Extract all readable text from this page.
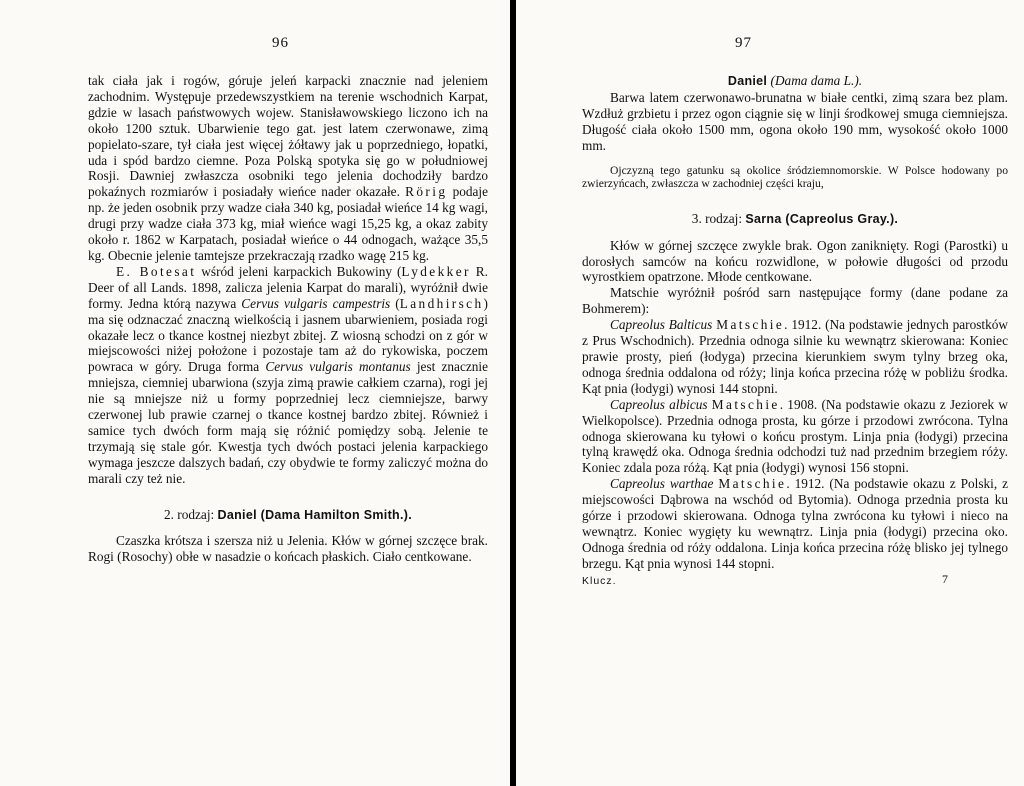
96

tak ciała jak i rogów, góruje jeleń karpacki znacznie nad jeleniem zachodnim. Występuje przedewszystkiem na terenie wschodnich Karpat, gdzie w lasach państwowych wojew. Stanisławowskiego liczono ich na około 1200 sztuk. Ubarwienie tego gat. jest latem czerwonawe, zimą popielato-szare, tył ciała jest więcej żółtawy jak u poprzedniego, łopatki, uda i spód bardzo ciemne. Poza Polską spotyka się go w południowej Rosji. Dawniej zwłaszcza osobniki tego jelenia dochodziły bardzo pokaźnych rozmiarów i posiadały wieńce nader okazałe. Rörig podaje np. że jeden osobnik przy wadze ciała 340 kg, posiadał wieńce 14 kg wagi, drugi przy wadze ciała 373 kg, miał wieńce wagi 15,25 kg, a okaz zabity około r. 1862 w Karpatach, posiadał wieńce o 44 odnogach, ważące 35,5 kg. Obecnie jelenie tamtejsze przekraczają rzadko wagę 215 kg.

E. Botesat wśród jeleni karpackich Bukowiny (Lydekker R. Deer of all Lands. 1898, zalicza jelenia Karpat do marali), wyróżnił dwie formy. Jedna którą nazywa Cervus vulgaris campestris (Landhirsch) ma się odznaczać znaczną wielkością i jasnem ubarwieniem, posiada rogi okazałe lecz o tkance kostnej niezbyt zbitej. Z wiosną schodzi on z gór w miejscowości niżej położone i pozostaje tam aż do rykowiska, poczem powraca w góry. Druga forma Cervus vulgaris montanus jest znacznie mniejsza, ciemniej ubarwiona (szyja zimą prawie całkiem czarna), rogi jej nie są mniejsze niż u formy poprzedniej lecz ciemniejsze, barwy czerwonej lub prawie czarnej o tkance kostnej bardzo zbitej. Również i samice tych dwóch form mają się różnić pomiędzy sobą. Jelenie te trzymają się stale gór. Kwestja tych dwóch postaci jelenia karpackiego wymaga jeszcze dalszych badań, czy obydwie te formy zaliczyć można do marali czy też nie.

2. rodzaj: Daniel (Dama Hamilton Smith.).

Czaszka krótsza i szersza niż u Jelenia. Kłów w górnej szczęce brak. Rogi (Rosochy) obłe w nasadzie o końcach płaskich. Ciało centkowane.

97

Daniel (Dama dama L.).

Barwa latem czerwonawo-brunatna w białe centki, zimą szara bez plam. Wzdłuż grzbietu i przez ogon ciągnie się w linji środkowej smuga ciemniejsza. Długość ciała około 1500 mm, ogona około 190 mm, wysokość około 1000 mm.

Ojczyzną tego gatunku są okolice śródziemnomorskie. W Polsce hodowany po zwierzyńcach, zwłaszcza w zachodniej części kraju,

3. rodzaj: Sarna (Capreolus Gray.).

Kłów w górnej szczęce zwykle brak. Ogon zaniknięty. Rogi (Parostki) u dorosłych samców na końcu rozwidlone, w połowie długości od przodu wyrostkiem opatrzone. Młode centkowane.

Matschie wyróżnił pośród sarn następujące formy (dane podane za Bohmerem):

Capreolus Balticus Matschie. 1912. (Na podstawie jednych parostków z Prus Wschodnich). Przednia odnoga silnie ku wewnątrz skierowana: Koniec prawie prosty, pień (łodyga) przecina kierunkiem swym tylny brzeg oka, odnoga średnia oddalona od róży; linja końca przecina różę w pobliżu środka. Kąt pnia (łodygi) wynosi 144 stopni.

Capreolus albicus Matschie. 1908. (Na podstawie okazu z Jeziorek w Wielkopolsce). Przednia odnoga prosta, ku górze i przodowi zwrócona. Tylna odnoga skierowana ku tyłowi o końcu prostym. Linja pnia (łodygi) przecina tylną krawędź oka. Odnoga średnia odchodzi tuż nad przednim brzegiem róży. Koniec zdala poza różą. Kąt pnia (łodygi) wynosi 156 stopni.

Capreolus warthae Matschie. 1912. (Na podstawie okazu z Polski, z miejscowości Dąbrowa na wschód od Bytomia). Odnoga przednia prosta ku górze i przodowi skierowana. Odnoga tylna zwrócona ku tyłowi i nieco na wewnątrz. Koniec wygięty ku wewnątrz. Linja pnia (łodygi) przecina oko. Odnoga średnia od róży oddalona. Linja końca przecina różę blisko jej tylnego brzegu. Kąt pnia wynosi 144 stopni.

Klucz.	7
